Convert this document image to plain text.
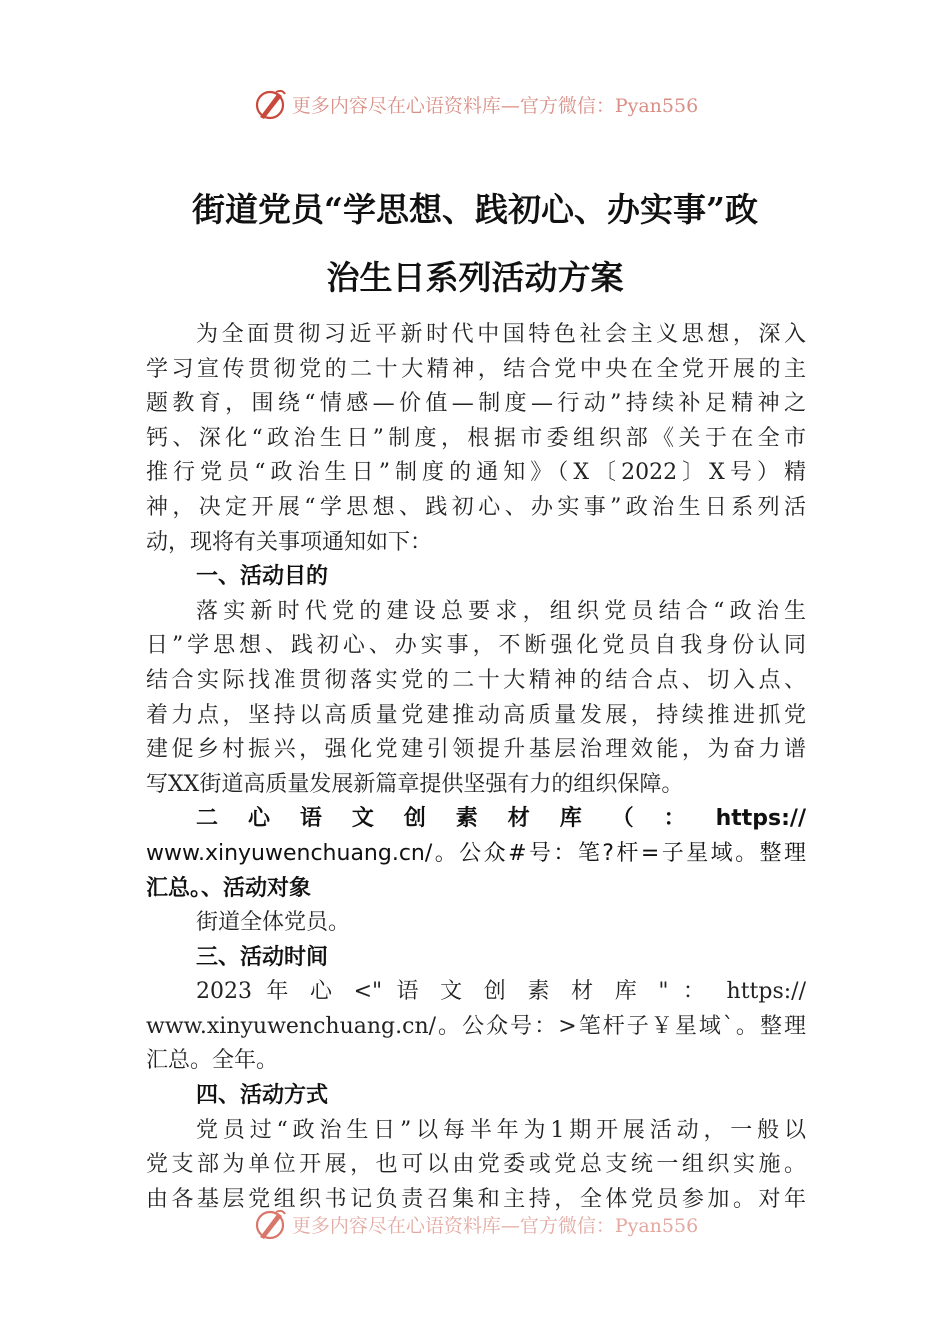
更多内容尽在心语资料库—官方微信：Pyan556
街道党员“学思想、践初心、办实事”政
治生日系列活动方案
为全面贯彻习近平新时代中国特色社会主义思想，深入
学习宣传贯彻党的二十大精神，结合党中央在全党开展的主
题教育，围绕“情感—价值—制度—行动”持续补足精神之
钙、深化“政治生日”制度，根据市委组织部《关于在全市
推行党员“政治生日”制度的通知》（X〔2022〕X号）精
神，决定开展“学思想、践初心、办实事”政治生日系列活
动，现将有关事项通知如下：
一、活动目的
落实新时代党的建设总要求，组织党员结合“政治生
日”学思想、践初心、办实事，不断强化党员自我身份认同
结合实际找准贯彻落实党的二十大精神的结合点、切入点、
着力点，坚持以高质量党建推动高质量发展，持续推进抓党
建促乡村振兴，强化党建引领提升基层治理效能，为奋力谱
写XX街道高质量发展新篇章提供坚强有力的组织保障。
二 心 语 文 创 素 材 库 （ ： https://
www.xinyuwenchuang.cn/。公众#号：笔?杆=子星域。整理
汇总。、活动对象
街道全体党员。
三、活动时间
2023 年 心 <" 语 文 创 素 材 库 " ： https://
www.xinyuwenchuang.cn/。公众号：>笔杆子￥星域`。整理
汇总。全年。
四、活动方式
党员过“政治生日”以每半年为1期开展活动，一般以
党支部为单位开展，也可以由党委或党总支统一组织实施。
由各基层党组织书记负责召集和主持，全体党员参加。对年
更多内容尽在心语资料库—官方微信：Pyan556
